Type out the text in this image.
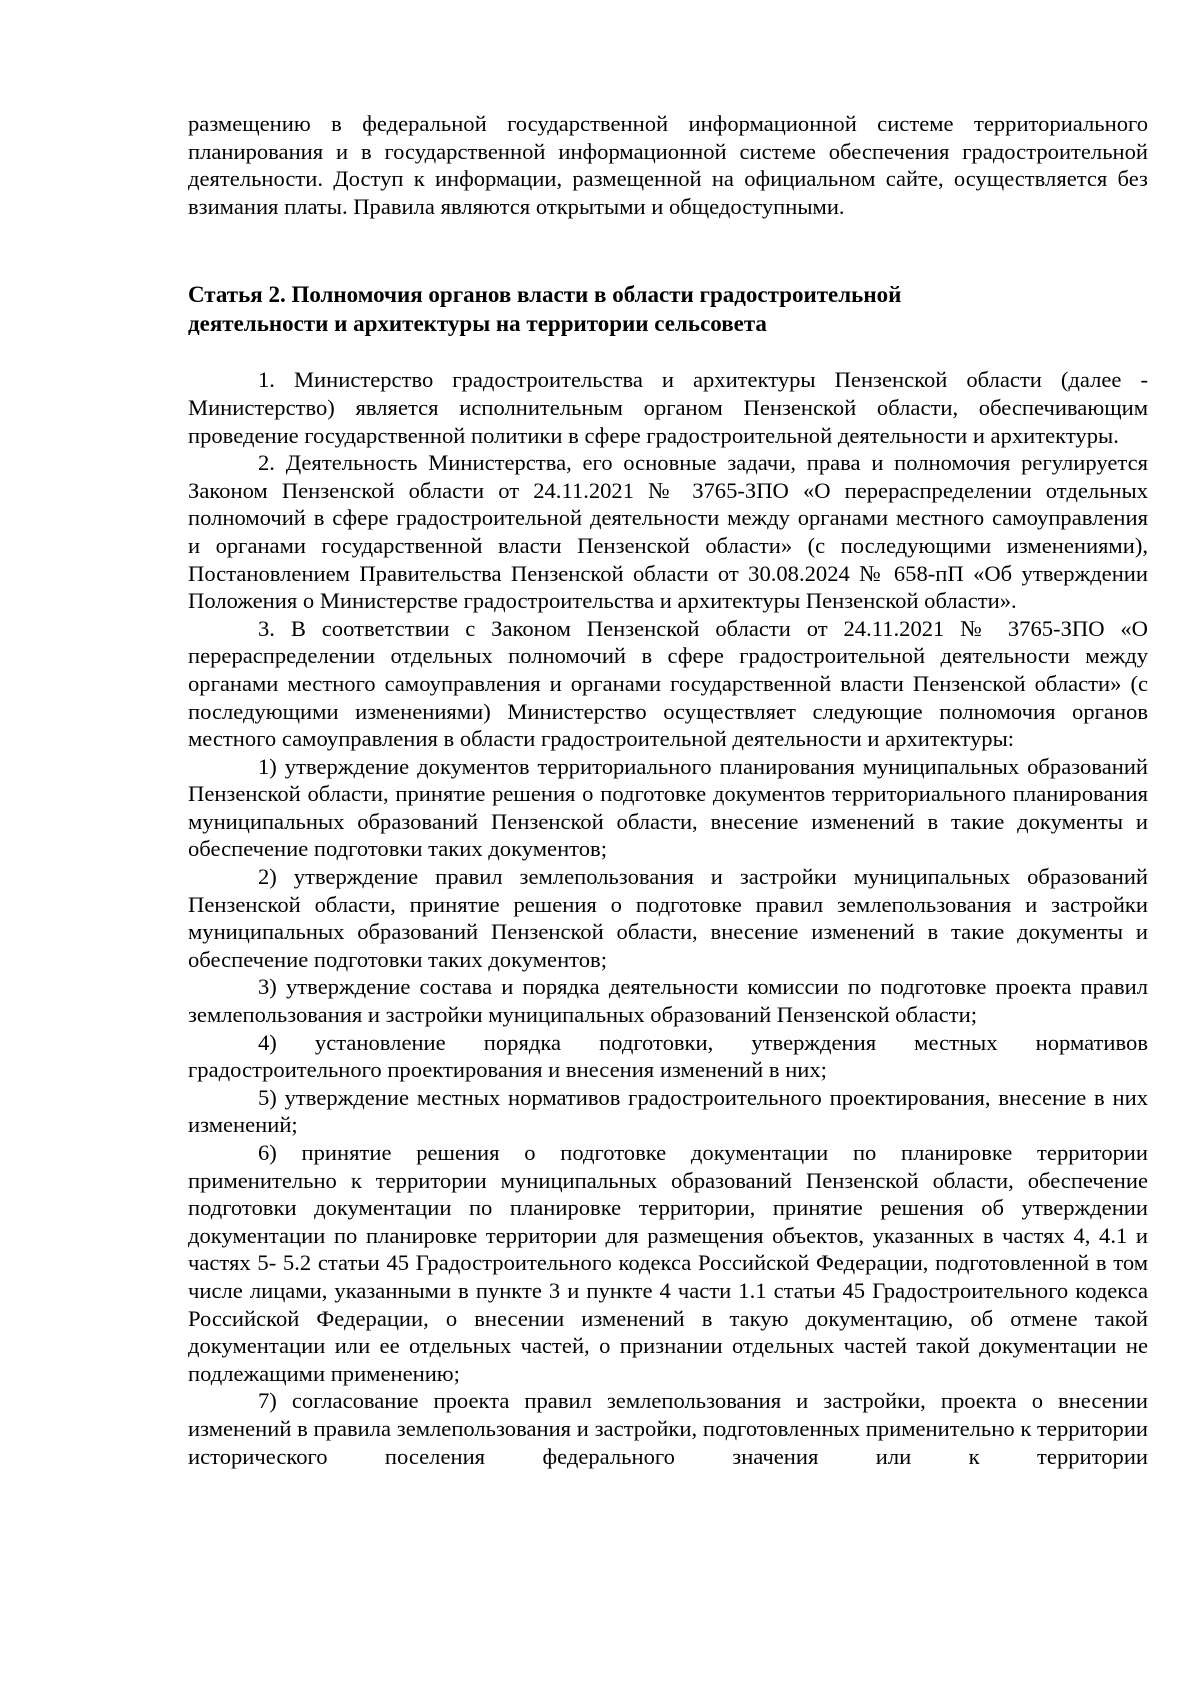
размещению в федеральной государственной информационной системе территориального планирования и в государственной информационной системе обеспечения градостроительной деятельности. Доступ к информации, размещенной на официальном сайте, осуществляется без взимания платы. Правила являются открытыми и общедоступными.

Статья 2. Полномочия органов власти в области градостроительной
деятельности и архитектуры на территории сельсовета

1. Министерство градостроительства и архитектуры Пензенской области (далее - Министерство) является исполнительным органом Пензенской области, обеспечивающим проведение государственной политики в сфере градостроительной деятельности и архитектуры.

2. Деятельность Министерства, его основные задачи, права и полномочия регулируется Законом Пензенской области от 24.11.2021 № 3765-ЗПО «О перераспределении отдельных полномочий в сфере градостроительной деятельности между органами местного самоуправления и органами государственной власти Пензенской области» (с последующими изменениями), Постановлением Правительства Пензенской области от 30.08.2024 № 658-пП «Об утверждении Положения о Министерстве градостроительства и архитектуры Пензенской области».

3. В соответствии с Законом Пензенской области от 24.11.2021 № 3765-ЗПО «О перераспределении отдельных полномочий в сфере градостроительной деятельности между органами местного самоуправления и органами государственной власти Пензенской области» (с последующими изменениями) Министерство осуществляет следующие полномочия органов местного самоуправления в области градостроительной деятельности и архитектуры:

1) утверждение документов территориального планирования муниципальных образований Пензенской области, принятие решения о подготовке документов территориального планирования муниципальных образований Пензенской области, внесение изменений в такие документы и обеспечение подготовки таких документов;

2) утверждение правил землепользования и застройки муниципальных образований Пензенской области, принятие решения о подготовке правил землепользования и застройки муниципальных образований Пензенской области, внесение изменений в такие документы и обеспечение подготовки таких документов;

3) утверждение состава и порядка деятельности комиссии по подготовке проекта правил землепользования и застройки муниципальных образований Пензенской области;

4) установление порядка подготовки, утверждения местных нормативов градостроительного проектирования и внесения изменений в них;

5) утверждение местных нормативов градостроительного проектирования, внесение в них изменений;

6) принятие решения о подготовке документации по планировке территории применительно к территории муниципальных образований Пензенской области, обеспечение подготовки документации по планировке территории, принятие решения об утверждении документации по планировке территории для размещения объектов, указанных в частях 4, 4.1 и частях 5- 5.2 статьи 45 Градостроительного кодекса Российской Федерации, подготовленной в том числе лицами, указанными в пункте 3 и пункте 4 части 1.1 статьи 45 Градостроительного кодекса Российской Федерации, о внесении изменений в такую документацию, об отмене такой документации или ее отдельных частей, о признании отдельных частей такой документации не подлежащими применению;

7) согласование проекта правил землепользования и застройки, проекта о внесении изменений в правила землепользования и застройки, подготовленных применительно к территории исторического поселения федерального значения или к территории
